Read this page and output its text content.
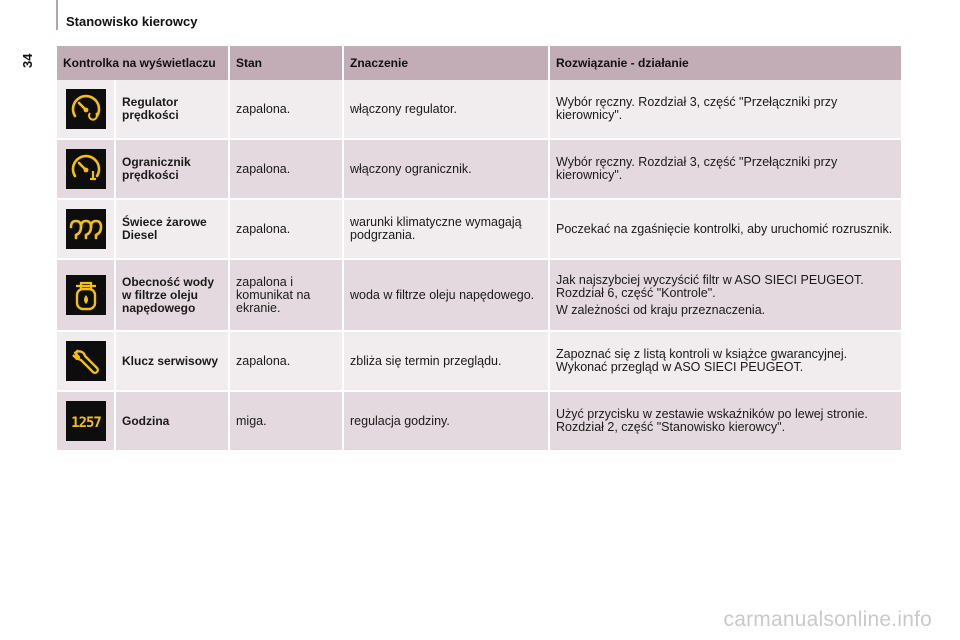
Stanowisko kierowcy
34 Kontrolka na wyświetlaczu		Stan	Znaczenie	Rozwiązanie - działanie

	Regulator prędkości	zapalona.	włączony regulator.	Wybór ręczny. Rozdział 3, część "Przełączniki przy kierownicy".

	Ogranicznik prędkości	zapalona.	włączony ogranicznik.	Wybór ręczny. Rozdział 3, część "Przełączniki przy kierownicy".

	Świece żarowe Diesel	zapalona.	warunki klimatyczne wymagają podgrzania.	Poczekać na zgaśnięcie kontrolki, aby uruchomić rozrusznik.

	Obecność wody w filtrze oleju napędowego	zapalona i komunikat na ekranie.	woda w filtrze oleju napędowego.	Jak najszybciej wyczyścić filtr w ASO SIECI PEUGEOT. Rozdział 6, część "Kontrole".
W zależności od kraju przeznaczenia.

	Klucz serwisowy	zapalona.	zbliża się termin przeglądu.	Zapoznać się z listą kontroli w książce gwarancyjnej. Wykonać przegląd w ASO SIECI PEUGEOT.

1257	Godzina	miga.	regulacja godziny.	Użyć przycisku w zestawie wskaźników po lewej stronie. Rozdział 2, część "Stanowisko kierowcy".
carmanualsonline.info
